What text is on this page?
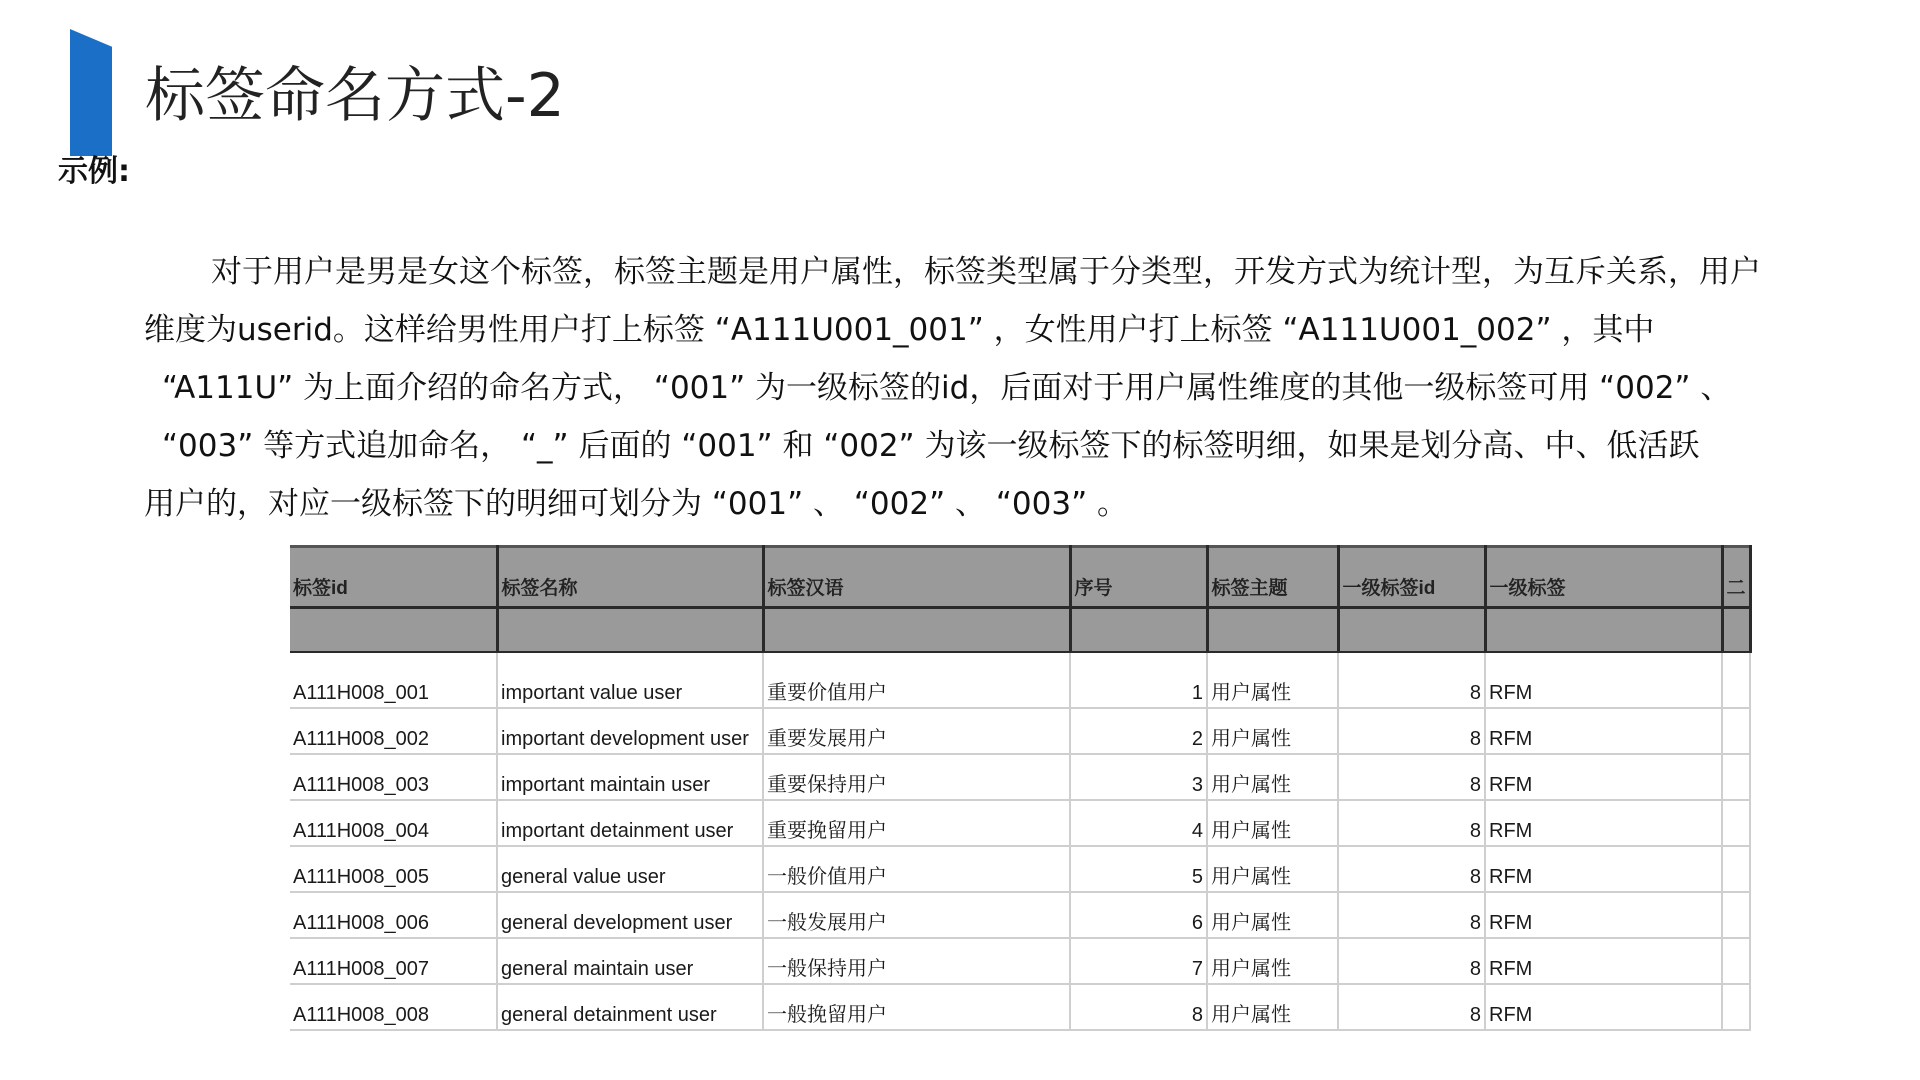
标签命名方式-2
示例:
　对于用户是男是女这个标签，标签主题是用户属性，标签类型属于分类型，开发方式为统计型，为互斥关系，用户
维度为userid。这样给男性用户打上标签 “A111U001_001” ，女性用户打上标签 “A111U001_002” ，其中
“A111U” 为上面介绍的命名方式， “001” 为一级标签的id，后面对于用户属性维度的其他一级标签可用 “002” 、
“003” 等方式追加命名， “_” 后面的 “001” 和 “002” 为该一级标签下的标签明细，如果是划分高、中、低活跃
用户的，对应一级标签下的明细可划分为 “001” 、 “002” 、 “003” 。
标签id	标签名称	标签汉语	序号	标签主题	一级标签id	一级标签	二

A111H008_001	important value user	重要价值用户	1	用户属性	8	RFM	
A111H008_002	important development user	重要发展用户	2	用户属性	8	RFM	
A111H008_003	important maintain user	重要保持用户	3	用户属性	8	RFM	
A111H008_004	important detainment user	重要挽留用户	4	用户属性	8	RFM	
A111H008_005	general value user	一般价值用户	5	用户属性	8	RFM	
A111H008_006	general development user	一般发展用户	6	用户属性	8	RFM	
A111H008_007	general maintain user	一般保持用户	7	用户属性	8	RFM	
A111H008_008	general detainment user	一般挽留用户	8	用户属性	8	RFM	
